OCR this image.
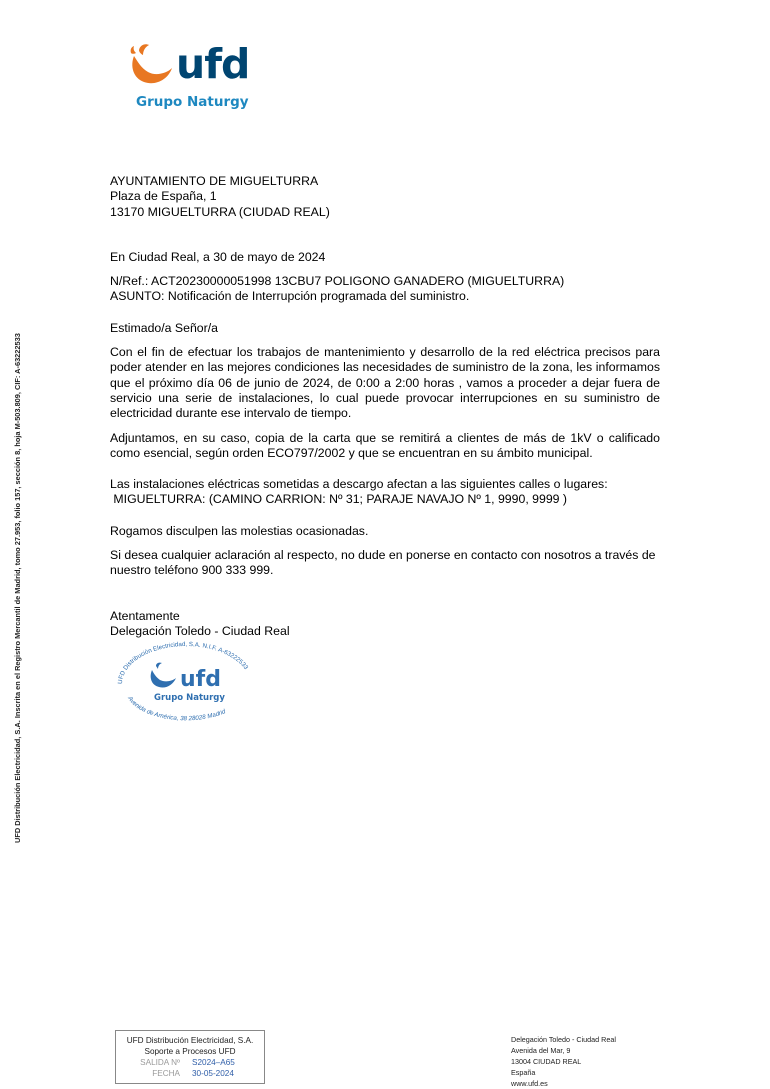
ufd
Grupo Naturgy
UFD Distribución Electricidad, S.A. Inscrita en el Registro Mercantil de Madrid, tomo 27.953, folio 157, sección 8, hoja M-503.809, CIF: A-63222533

AYUNTAMIENTO DE MIGUELTURRA

Plaza de España, 1

13170 MIGUELTURRA (CIUDAD REAL)

En Ciudad Real, a 30 de mayo de 2024

N/Ref.: ACT20230000051998 13CBU7 POLIGONO GANADERO (MIGUELTURRA)

ASUNTO: Notificación de Interrupción programada del suministro.

Estimado/a Señor/a

Con el fin de efectuar los trabajos de mantenimiento y desarrollo de la red eléctrica precisos para poder atender en las mejores condiciones las necesidades de suministro de la zona, les informamos que el próximo día 06 de junio de 2024, de 0:00 a 2:00 horas , vamos a proceder a dejar fuera de servicio una serie de instalaciones, lo cual puede provocar interrupciones en su suministro de electricidad durante ese intervalo de tiempo.

Adjuntamos, en su caso, copia de la carta que se remitirá a clientes de más de 1kV o calificado como esencial, según orden ECO797/2002 y que se encuentran en su ámbito municipal.

Las instalaciones eléctricas sometidas a descargo afectan a las siguientes calles o lugares:

MIGUELTURRA: (CAMINO CARRION: Nº 31; PARAJE NAVAJO Nº 1, 9990, 9999 )

Rogamos disculpen las molestias ocasionadas.

Si desea cualquier aclaración al respecto, no dude en ponerse en contacto con nosotros a través de nuestro teléfono 900 333 999.

Atentamente

Delegación Toledo - Ciudad Real

UFD Distribución Electricidad, S.A. N.I.F. A-63222533
Avenida de América, 38 28028 Madrid
ufd
Grupo Naturgy
UFD Distribución Electricidad, S.A.
Soporte a Procesos UFD
SALIDA Nº S2024–A65
FECHA 30-05-2024
Delegación Toledo - Ciudad Real
Avenida del Mar, 9
13004 CIUDAD REAL
España
www.ufd.es
